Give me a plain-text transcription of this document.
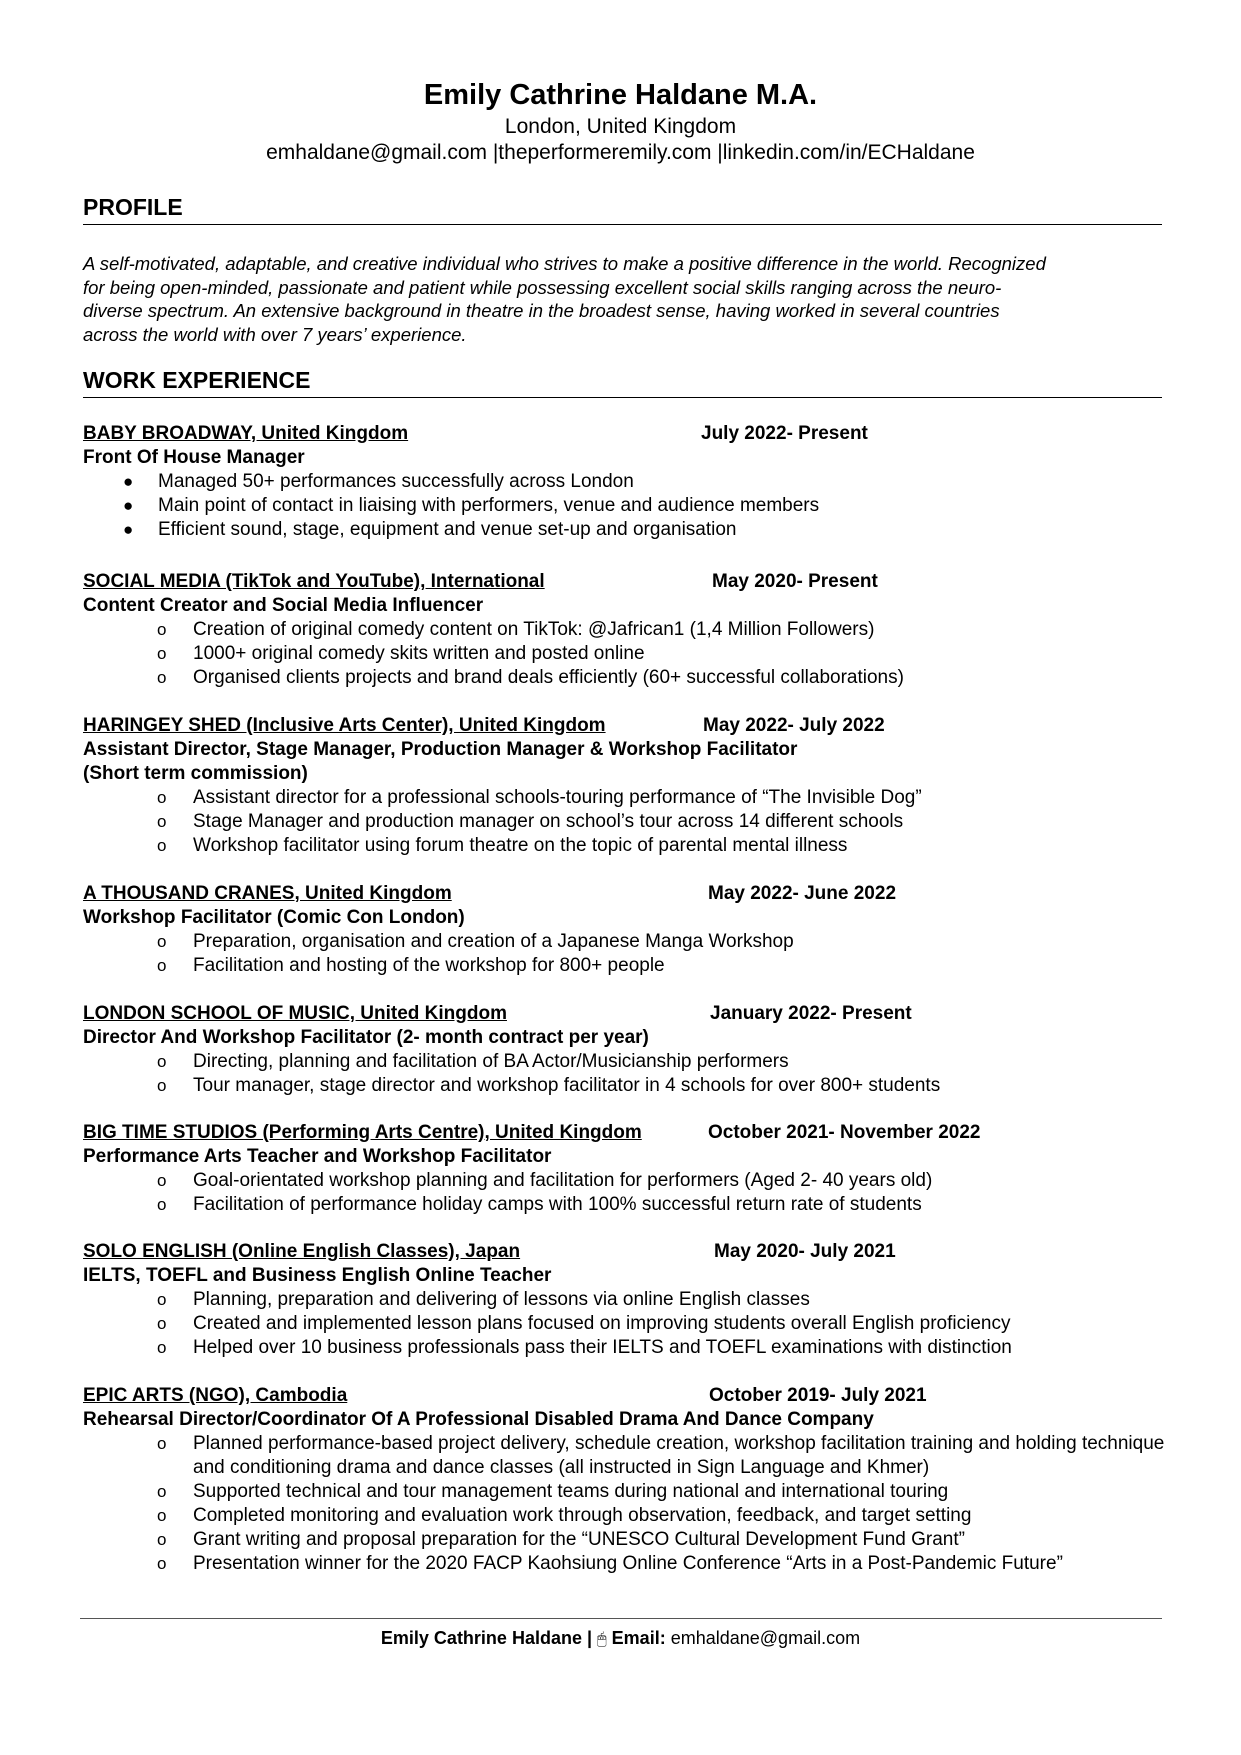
Emily Cathrine Haldane M.A.
London, United Kingdom
emhaldane@gmail.com |theperformeremily.com |linkedin.com/in/ECHaldane
PROFILE
A self-motivated, adaptable, and creative individual who strives to make a positive difference in the world. Recognized
for being open-minded, passionate and patient while possessing excellent social skills ranging across the neuro-
diverse spectrum. An extensive background in theatre in the broadest sense, having worked in several countries
across the world with over 7 years’ experience.
WORK EXPERIENCE
BABY BROADWAY, United Kingdom	July 2022- Present
Front Of House Manager
● Managed 50+ performances successfully across London
● Main point of contact in liaising with performers, venue and audience members
● Efficient sound, stage, equipment and venue set-up and organisation
SOCIAL MEDIA (TikTok and YouTube), International	May 2020- Present
Content Creator and Social Media Influencer
o Creation of original comedy content on TikTok: @Jafrican1 (1,4 Million Followers)
o 1000+ original comedy skits written and posted online
o Organised clients projects and brand deals efficiently (60+ successful collaborations)
HARINGEY SHED (Inclusive Arts Center), United Kingdom	May 2022- July 2022
Assistant Director, Stage Manager, Production Manager & Workshop Facilitator
(Short term commission)
o Assistant director for a professional schools-touring performance of “The Invisible Dog”
o Stage Manager and production manager on school’s tour across 14 different schools
o Workshop facilitator using forum theatre on the topic of parental mental illness
A THOUSAND CRANES, United Kingdom	May 2022- June 2022
Workshop Facilitator (Comic Con London)
o Preparation, organisation and creation of a Japanese Manga Workshop
o Facilitation and hosting of the workshop for 800+ people
LONDON SCHOOL OF MUSIC, United Kingdom	January 2022- Present
Director And Workshop Facilitator (2- month contract per year)
o Directing, planning and facilitation of BA Actor/Musicianship performers
o Tour manager, stage director and workshop facilitator in 4 schools for over 800+ students
BIG TIME STUDIOS (Performing Arts Centre), United Kingdom	October 2021- November 2022
Performance Arts Teacher and Workshop Facilitator
o Goal-orientated workshop planning and facilitation for performers (Aged 2- 40 years old)
o Facilitation of performance holiday camps with 100% successful return rate of students
SOLO ENGLISH (Online English Classes), Japan	May 2020- July 2021
IELTS, TOEFL and Business English Online Teacher
o Planning, preparation and delivering of lessons via online English classes
o Created and implemented lesson plans focused on improving students overall English proficiency
o Helped over 10 business professionals pass their IELTS and TOEFL examinations with distinction
EPIC ARTS (NGO), Cambodia	October 2019- July 2021
Rehearsal Director/Coordinator Of A Professional Disabled Drama And Dance Company
o Planned performance-based project delivery, schedule creation, workshop facilitation training and holding technique and conditioning drama and dance classes (all instructed in Sign Language and Khmer)
o Supported technical and tour management teams during national and international touring
o Completed monitoring and evaluation work through observation, feedback, and target setting
o Grant writing and proposal preparation for the “UNESCO Cultural Development Fund Grant”
o Presentation winner for the 2020 FACP Kaohsiung Online Conference “Arts in a Post-Pandemic Future”
Emily Cathrine Haldane | 🖱 Email: emhaldane@gmail.com
